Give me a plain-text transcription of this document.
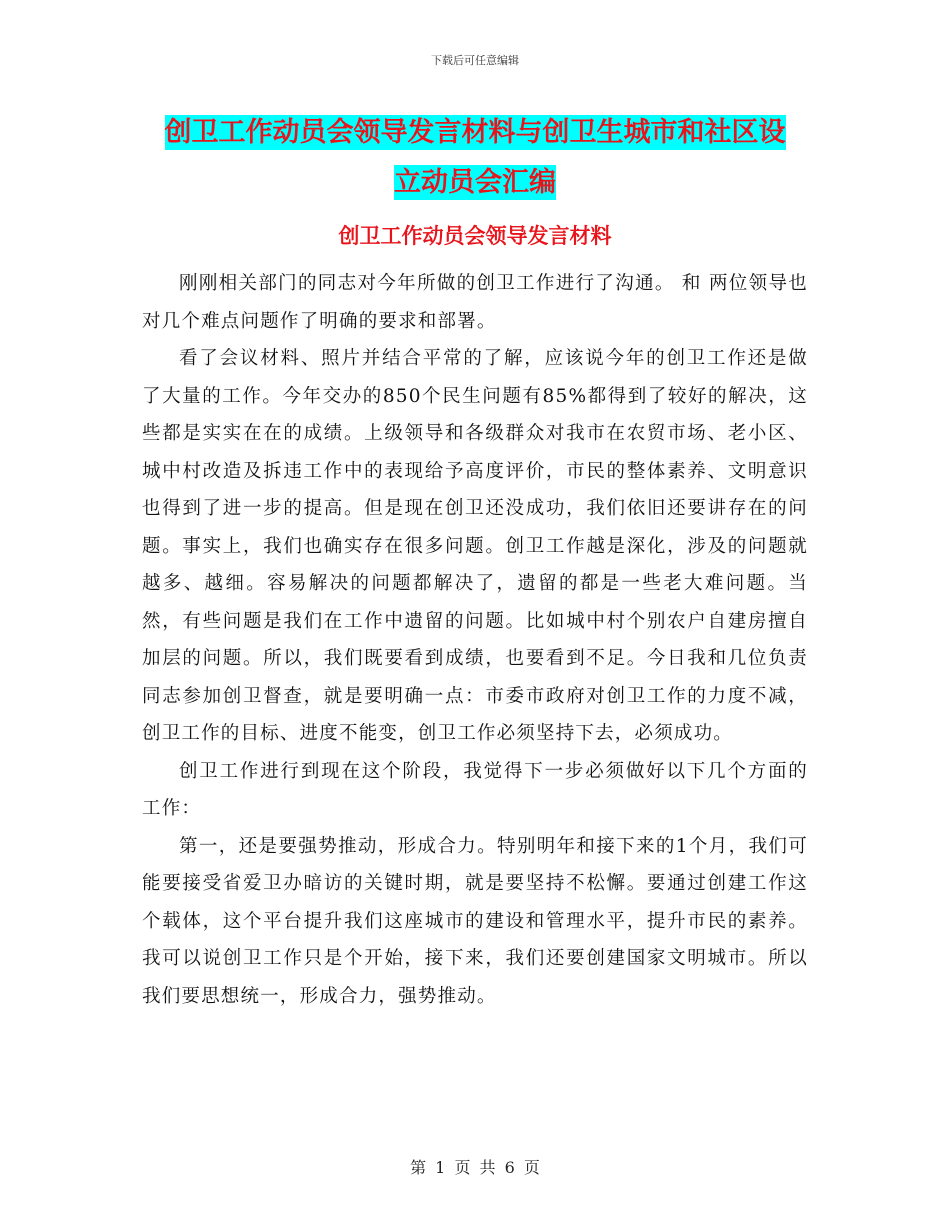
下载后可任意编辑
创卫工作动员会领导发言材料与创卫生城市和社区设
立动员会汇编
创卫工作动员会领导发言材料

刚刚相关部门的同志对今年所做的创卫工作进行了沟通。 和 两位领导也对几个难点问题作了明确的要求和部署。

看了会议材料、照片并结合平常的了解，应该说今年的创卫工作还是做了大量的工作。今年交办的850个民生问题有85%都得到了较好的解决，这些都是实实在在的成绩。上级领导和各级群众对我市在农贸市场、老小区、城中村改造及拆违工作中的表现给予高度评价，市民的整体素养、文明意识也得到了进一步的提高。但是现在创卫还没成功，我们依旧还要讲存在的问题。事实上，我们也确实存在很多问题。创卫工作越是深化，涉及的问题就越多、越细。容易解决的问题都解决了，遗留的都是一些老大难问题。当然，有些问题是我们在工作中遗留的问题。比如城中村个别农户自建房擅自加层的问题。所以，我们既要看到成绩，也要看到不足。今日我和几位负责同志参加创卫督查，就是要明确一点：市委市政府对创卫工作的力度不减，创卫工作的目标、进度不能变，创卫工作必须坚持下去，必须成功。

创卫工作进行到现在这个阶段，我觉得下一步必须做好以下几个方面的工作：

第一，还是要强势推动，形成合力。特别明年和接下来的1个月，我们可能要接受省爱卫办暗访的关键时期，就是要坚持不松懈。要通过创建工作这个载体，这个平台提升我们这座城市的建设和管理水平，提升市民的素养。我可以说创卫工作只是个开始，接下来，我们还要创建国家文明城市。所以我们要思想统一，形成合力，强势推动。

第 1 页 共 6 页
